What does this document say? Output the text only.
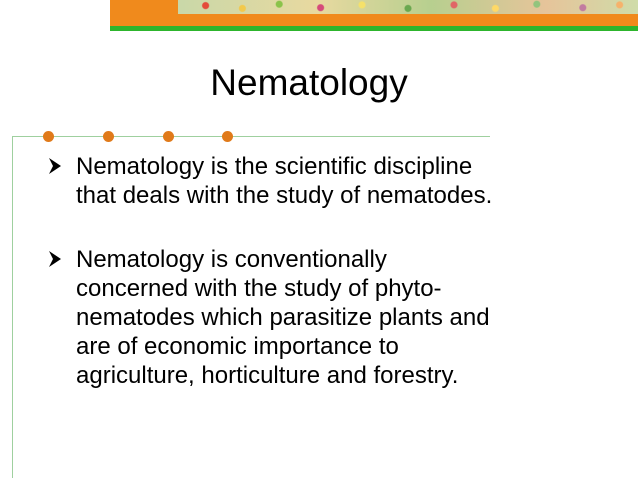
Nematology
Nematology is the scientific discipline
that deals with the study of nematodes.
Nematology is conventionally
concerned with the study of phyto-
nematodes which parasitize plants and
are of economic importance to
agriculture, horticulture and forestry.
